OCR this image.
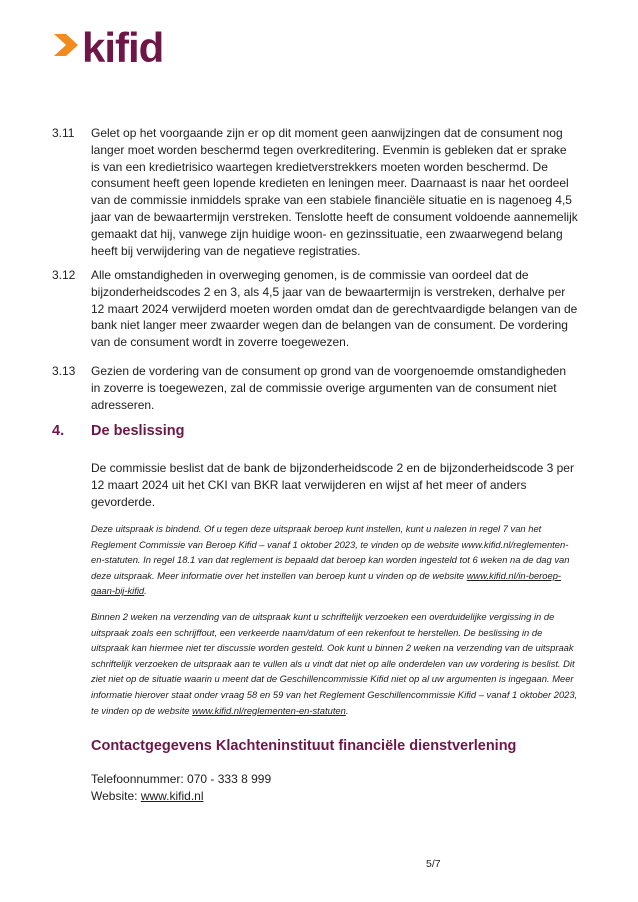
kifid
3.11 Gelet op het voorgaande zijn er op dit moment geen aanwijzingen dat de consument nog langer moet worden beschermd tegen overkreditering. Evenmin is gebleken dat er sprake is van een kredietrisico waartegen kredietverstrekkers moeten worden beschermd. De consument heeft geen lopende kredieten en leningen meer. Daarnaast is naar het oordeel van de commissie inmiddels sprake van een stabiele financiële situatie en is nagenoeg 4,5 jaar van de bewaartermijn verstreken. Tenslotte heeft de consument voldoende aannemelijk gemaakt dat hij, vanwege zijn huidige woon- en gezinssituatie, een zwaarwegend belang heeft bij verwijdering van de negatieve registraties.
3.12 Alle omstandigheden in overweging genomen, is de commissie van oordeel dat de bijzonderheidscodes 2 en 3, als 4,5 jaar van de bewaartermijn is verstreken, derhalve per 12 maart 2024 verwijderd moeten worden omdat dan de gerechtvaardigde belangen van de bank niet langer meer zwaarder wegen dan de belangen van de consument. De vordering van de consument wordt in zoverre toegewezen.
3.13 Gezien de vordering van de consument op grond van de voorgenoemde omstandigheden in zoverre is toegewezen, zal de commissie overige argumenten van de consument niet adresseren.
4. De beslissing
De commissie beslist dat de bank de bijzonderheidscode 2 en de bijzonderheidscode 3 per 12 maart 2024 uit het CKI van BKR laat verwijderen en wijst af het meer of anders gevorderde.
Deze uitspraak is bindend. Of u tegen deze uitspraak beroep kunt instellen, kunt u nalezen in regel 7 van het Reglement Commissie van Beroep Kifid – vanaf 1 oktober 2023, te vinden op de website www.kifid.nl/reglementen-en-statuten. In regel 18.1 van dat reglement is bepaald dat beroep kan worden ingesteld tot 6 weken na de dag van deze uitspraak. Meer informatie over het instellen van beroep kunt u vinden op de website www.kifid.nl/in-beroep-gaan-bij-kifid.
Binnen 2 weken na verzending van de uitspraak kunt u schriftelijk verzoeken een overduidelijke vergissing in de uitspraak zoals een schrijffout, een verkeerde naam/datum of een rekenfout te herstellen. De beslissing in de uitspraak kan hiermee niet ter discussie worden gesteld. Ook kunt u binnen 2 weken na verzending van de uitspraak schriftelijk verzoeken de uitspraak aan te vullen als u vindt dat niet op alle onderdelen van uw vordering is beslist. Dit ziet niet op de situatie waarin u meent dat de Geschillencommissie Kifid niet op al uw argumenten is ingegaan. Meer informatie hierover staat onder vraag 58 en 59 van het Reglement Geschillencommissie Kifid – vanaf 1 oktober 2023, te vinden op de website www.kifid.nl/reglementen-en-statuten.
Contactgegevens Klachteninstituut financiële dienstverlening
Telefoonnummer: 070 - 333 8 999
Website: www.kifid.nl
5/7
